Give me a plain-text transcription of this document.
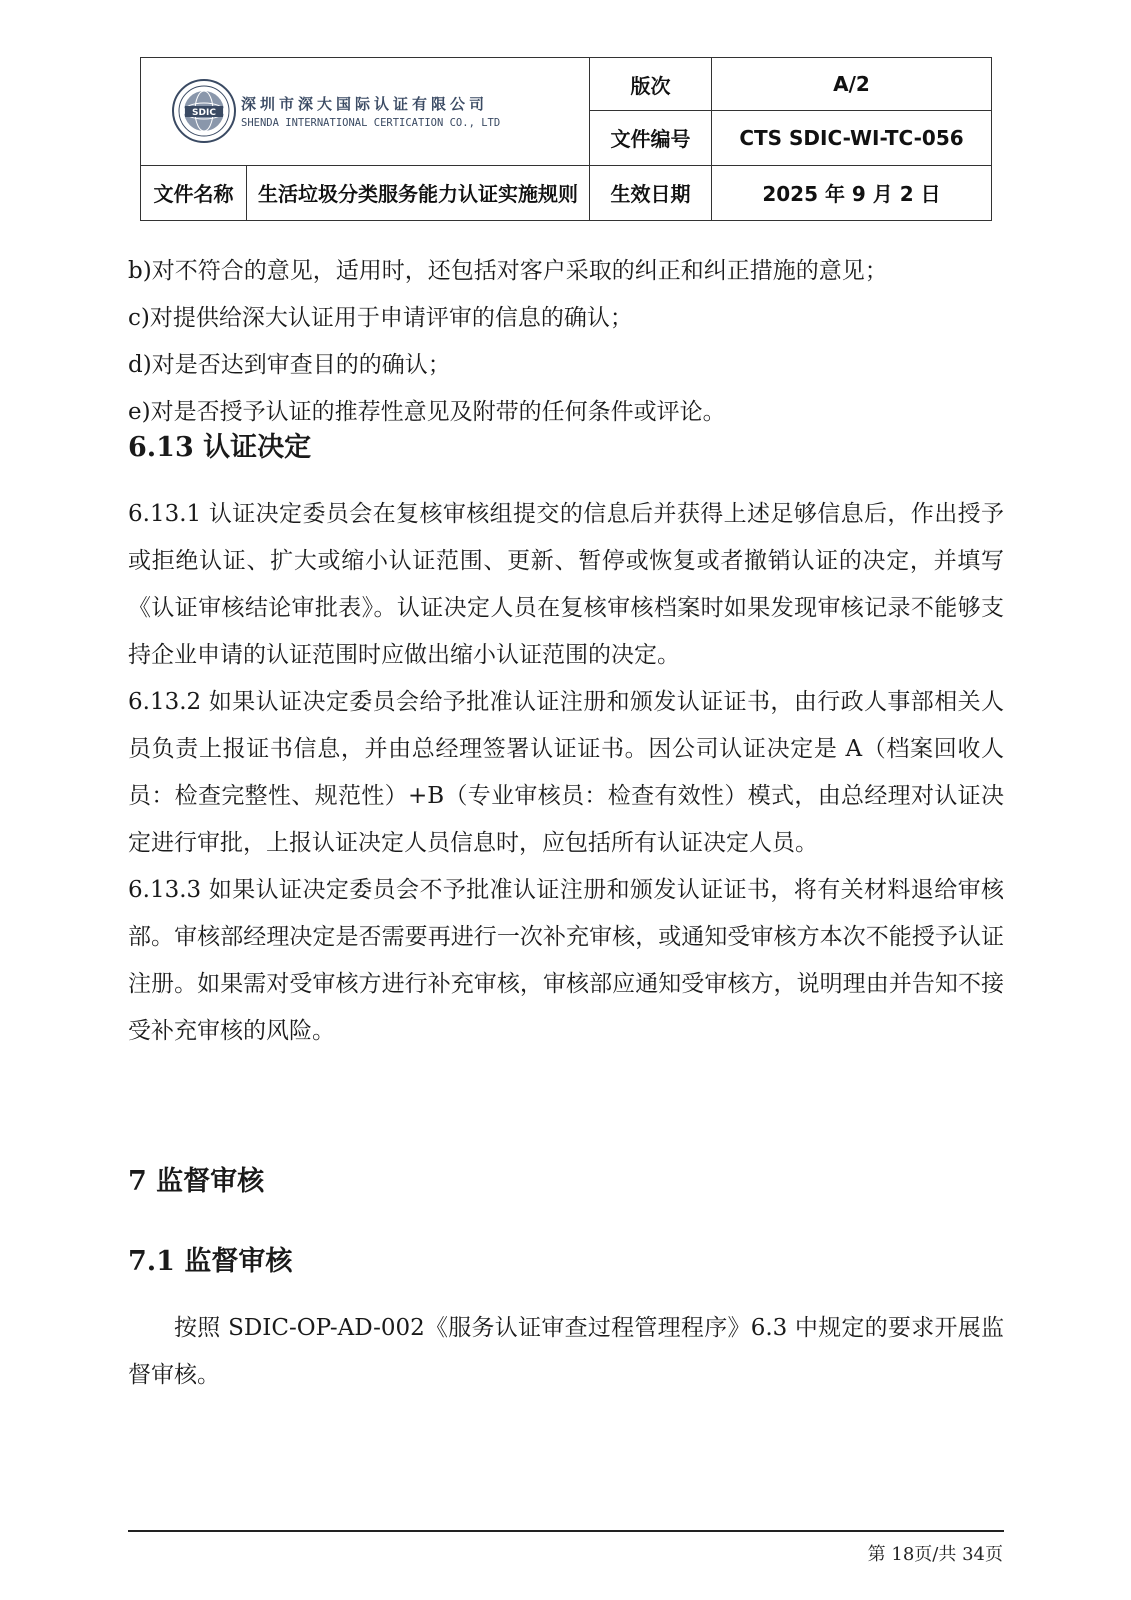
SDIC 深圳市深大国际认证有限公司
SHENDA INTERNATIONAL CERTICATION CO., LTD		版次	A/2
		文件编号	CTS SDIC-WI-TC-056
文件名称	生活垃圾分类服务能力认证实施规则	生效日期	2025 年 9 月 2 日
b)对不符合的意见，适用时，还包括对客户采取的纠正和纠正措施的意见；
c)对提供给深大认证用于申请评审的信息的确认；
d)对是否达到审查目的的确认；
e)对是否授予认证的推荐性意见及附带的任何条件或评论。
6.13 认证决定
6.13.1 认证决定委员会在复核审核组提交的信息后并获得上述足够信息后，作出授予或拒绝认证、扩大或缩小认证范围、更新、暂停或恢复或者撤销认证的决定，并填写《认证审核结论审批表》。认证决定人员在复核审核档案时如果发现审核记录不能够支持企业申请的认证范围时应做出缩小认证范围的决定。
6.13.2 如果认证决定委员会给予批准认证注册和颁发认证证书，由行政人事部相关人员负责上报证书信息，并由总经理签署认证证书。因公司认证决定是 A（档案回收人员：检查完整性、规范性）+B（专业审核员：检查有效性）模式，由总经理对认证决定进行审批，上报认证决定人员信息时，应包括所有认证决定人员。
6.13.3 如果认证决定委员会不予批准认证注册和颁发认证证书，将有关材料退给审核部。审核部经理决定是否需要再进行一次补充审核，或通知受审核方本次不能授予认证注册。如果需对受审核方进行补充审核，审核部应通知受审核方，说明理由并告知不接受补充审核的风险。
7 监督审核
7.1 监督审核
按照 SDIC-OP-AD-002《服务认证审查过程管理程序》6.3 中规定的要求开展监督审核。
第 18页/共 34页
